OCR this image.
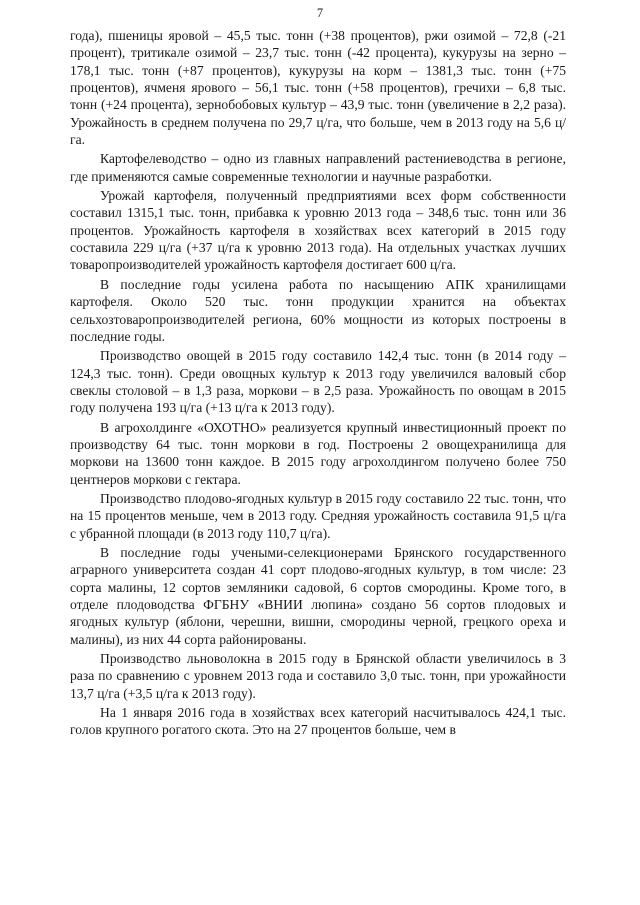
7

года), пшеницы яровой – 45,5 тыс. тонн (+38 процентов), ржи озимой – 72,8 (-21 процент), тритикале озимой – 23,7 тыс. тонн (-42 процента), кукурузы на зерно – 178,1 тыс. тонн (+87 процентов), кукурузы на корм – 1381,3 тыс. тонн (+75 процентов), ячменя ярового – 56,1 тыс. тонн (+58 процентов), гречихи – 6,8 тыс. тонн (+24 процента), зернобобовых культур – 43,9 тыс. тонн (увеличение в 2,2 раза). Урожайность в среднем получена по 29,7 ц/га, что больше, чем в 2013 году на 5,6 ц/га.

Картофелеводство – одно из главных направлений растениеводства в регионе, где применяются самые современные технологии и научные разработки.

Урожай картофеля, полученный предприятиями всех форм собственности составил 1315,1 тыс. тонн, прибавка к уровню 2013 года – 348,6 тыс. тонн или 36 процентов. Урожайность картофеля в хозяйствах всех категорий в 2015 году составила 229 ц/га (+37 ц/га к уровню 2013 года). На отдельных участках лучших товаропроизводителей урожайность картофеля достигает 600 ц/га.

В последние годы усилена работа по насыщению АПК хранилищами картофеля. Около 520 тыс. тонн продукции хранится на объектах сельхозтоваропроизводителей региона, 60% мощности из которых построены в последние годы.

Производство овощей в 2015 году составило 142,4 тыс. тонн (в 2014 году – 124,3 тыс. тонн). Среди овощных культур к 2013 году увеличился валовый сбор свеклы столовой – в 1,3 раза, моркови – в 2,5 раза. Урожайность по овощам в 2015 году получена 193 ц/га (+13 ц/га к 2013 году).

В агрохолдинге «ОХОТНО» реализуется крупный инвестиционный проект по производству 64 тыс. тонн моркови в год. Построены 2 овощехранилища для моркови на 13600 тонн каждое. В 2015 году агрохолдингом получено более 750 центнеров моркови с гектара.

Производство плодово-ягодных культур в 2015 году составило 22 тыс. тонн, что на 15 процентов меньше, чем в 2013 году. Средняя урожайность составила 91,5 ц/га с убранной площади (в 2013 году 110,7 ц/га).

В последние годы учеными-селекционерами Брянского государственного аграрного университета создан 41 сорт плодово-ягодных культур, в том числе: 23 сорта малины, 12 сортов земляники садовой, 6 сортов смородины. Кроме того, в отделе плодоводства ФГБНУ «ВНИИ люпина» создано 56 сортов плодовых и ягодных культур (яблони, черешни, вишни, смородины черной, грецкого ореха и малины), из них 44 сорта районированы.

Производство льноволокна в 2015 году в Брянской области увеличилось в 3 раза по сравнению с уровнем 2013 года и составило 3,0 тыс. тонн, при урожайности 13,7 ц/га (+3,5 ц/га к 2013 году).

На 1 января 2016 года в хозяйствах всех категорий насчитывалось 424,1 тыс. голов крупного рогатого скота. Это на 27 процентов больше, чем в
